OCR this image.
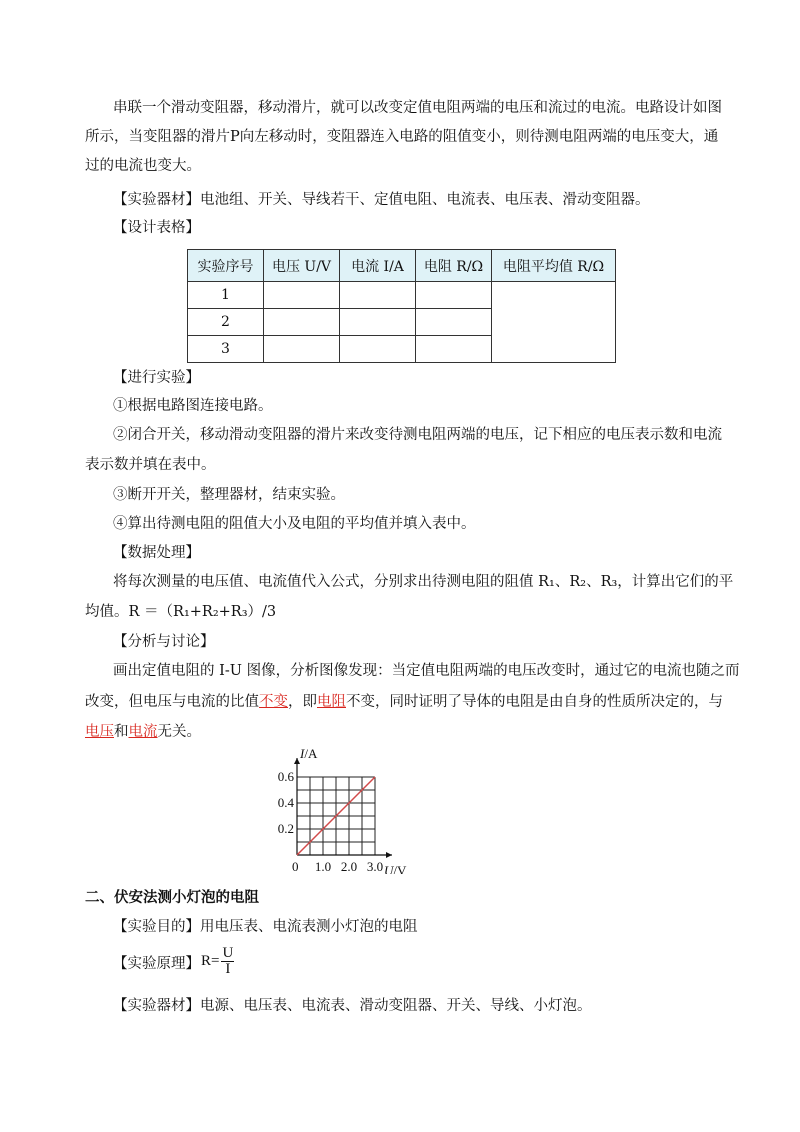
串联一个滑动变阻器，移动滑片，就可以改变定值电阻两端的电压和流过的电流。电路设计如图
所示，当变阻器的滑片P向左移动时，变阻器连入电路的阻值变小，则待测电阻两端的电压变大，通
过的电流也变大。
【实验器材】电池组、开关、导线若干、定值电阻、电流表、电压表、滑动变阻器。
【设计表格】
实验序号	电压 U/V	电流 I/A	电阻 R/Ω	电阻平均值 R/Ω
1				
2				
3				
【进行实验】
①根据电路图连接电路。
②闭合开关，移动滑动变阻器的滑片来改变待测电阻两端的电压，记下相应的电压表示数和电流
表示数并填在表中。
③断开开关，整理器材，结束实验。
④算出待测电阻的阻值大小及电阻的平均值并填入表中。
【数据处理】
将每次测量的电压值、电流值代入公式，分别求出待测电阻的阻值 R₁、R₂、R₃，计算出它们的平
均值。R ＝（R₁+R₂+R₃）/3
【分析与讨论】
画出定值电阻的 I-U 图像，分析图像发现：当定值电阻两端的电压改变时，通过它的电流也随之而
改变，但电压与电流的比值不变，即电阻不变，同时证明了导体的电阻是由自身的性质所决定的，与
电压和电流无关。
0 1.0 2.0 3.0
0.2
0.4
0.6
U/V
I/A
二、伏安法测小灯泡的电阻
【实验目的】用电压表、电流表测小灯泡的电阻
【实验原理】 $R= \frac{U}{I}$
【实验器材】电源、电压表、电流表、滑动变阻器、开关、导线、小灯泡。
